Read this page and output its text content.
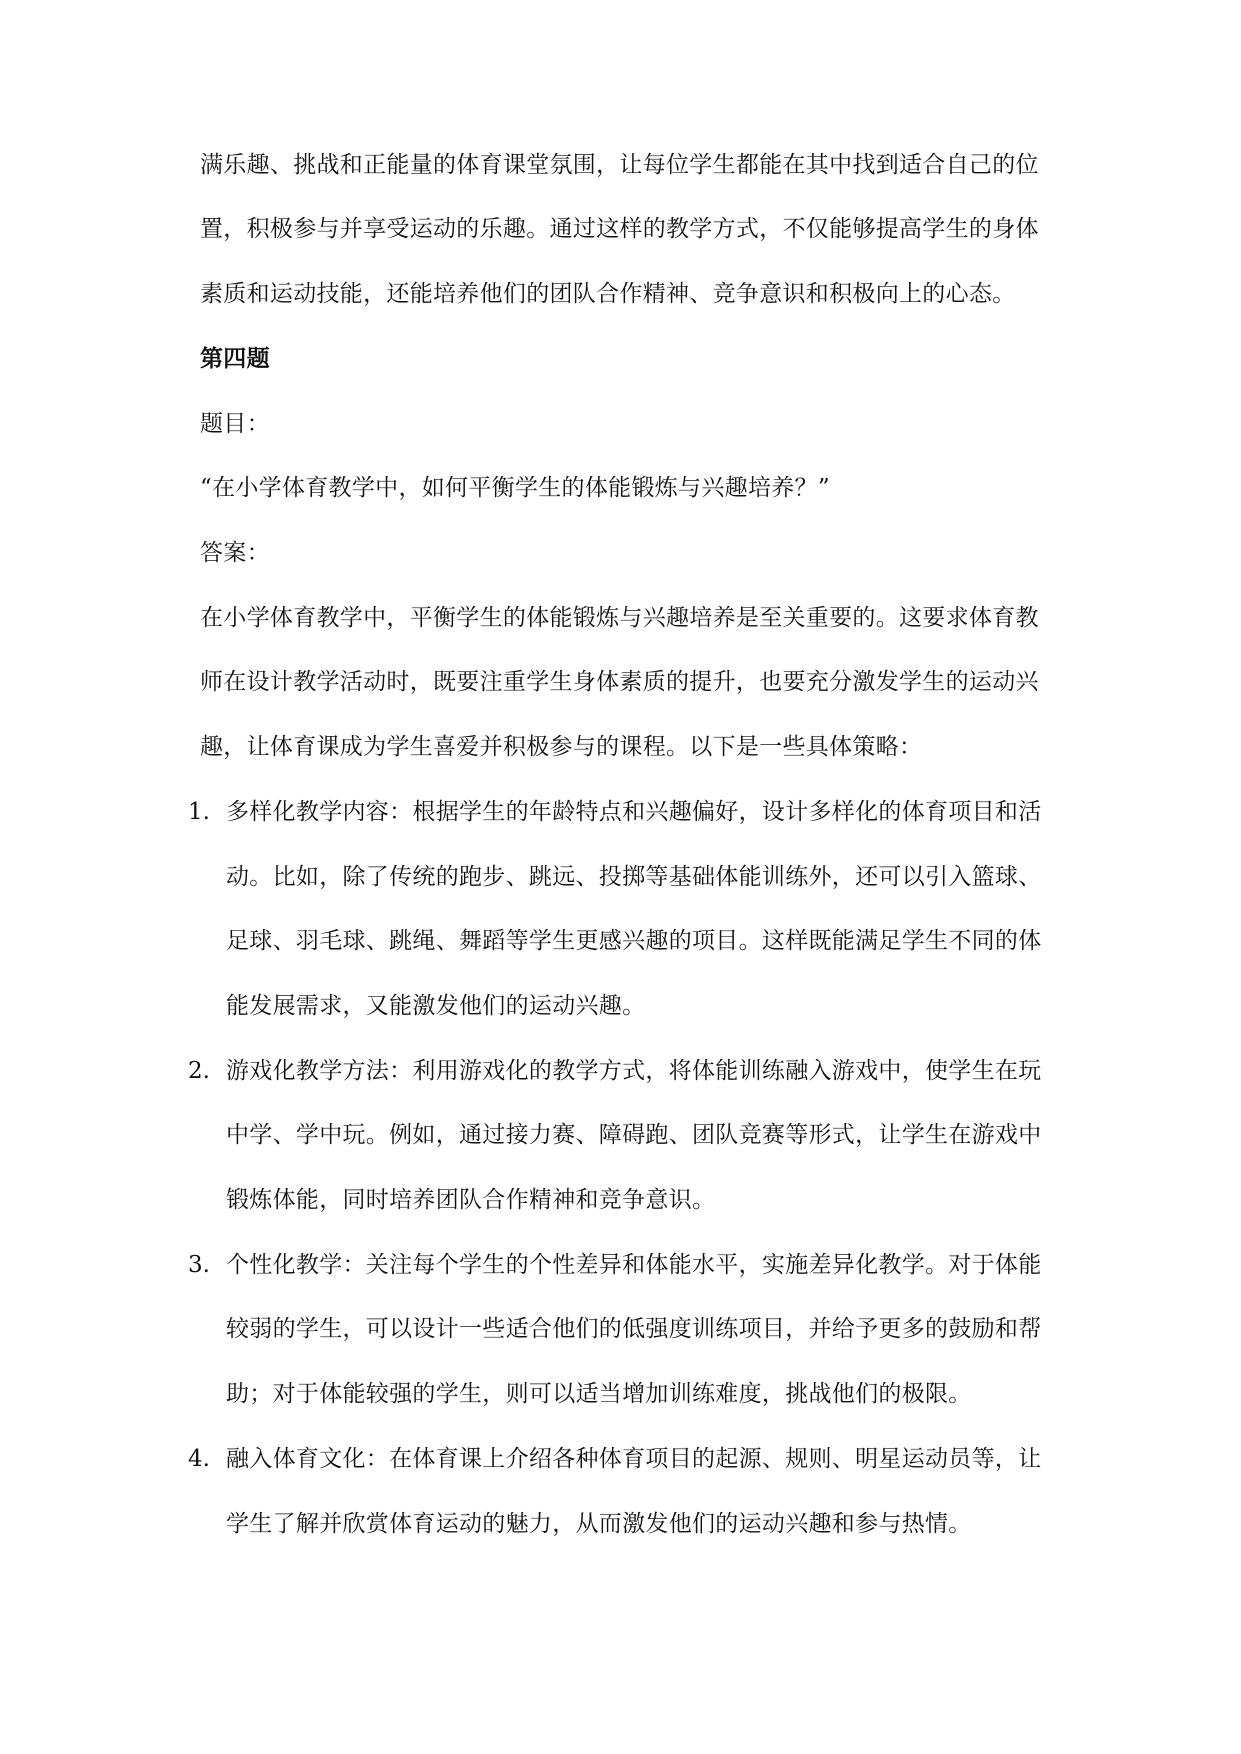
满乐趣、挑战和正能量的体育课堂氛围，让每位学生都能在其中找到适合自己的位
置，积极参与并享受运动的乐趣。通过这样的教学方式，不仅能够提高学生的身体
素质和运动技能，还能培养他们的团队合作精神、竞争意识和积极向上的心态。
第四题
题目：
“在小学体育教学中，如何平衡学生的体能锻炼与兴趣培养？”
答案：
在小学体育教学中，平衡学生的体能锻炼与兴趣培养是至关重要的。这要求体育教
师在设计教学活动时，既要注重学生身体素质的提升，也要充分激发学生的运动兴
趣，让体育课成为学生喜爱并积极参与的课程。以下是一些具体策略：
1. 多样化教学内容：根据学生的年龄特点和兴趣偏好，设计多样化的体育项目和活
动。比如，除了传统的跑步、跳远、投掷等基础体能训练外，还可以引入篮球、
足球、羽毛球、跳绳、舞蹈等学生更感兴趣的项目。这样既能满足学生不同的体
能发展需求，又能激发他们的运动兴趣。
2. 游戏化教学方法：利用游戏化的教学方式，将体能训练融入游戏中，使学生在玩
中学、学中玩。例如，通过接力赛、障碍跑、团队竞赛等形式，让学生在游戏中
锻炼体能，同时培养团队合作精神和竞争意识。
3. 个性化教学：关注每个学生的个性差异和体能水平，实施差异化教学。对于体能
较弱的学生，可以设计一些适合他们的低强度训练项目，并给予更多的鼓励和帮
助；对于体能较强的学生，则可以适当增加训练难度，挑战他们的极限。
4. 融入体育文化：在体育课上介绍各种体育项目的起源、规则、明星运动员等，让
学生了解并欣赏体育运动的魅力，从而激发他们的运动兴趣和参与热情。
